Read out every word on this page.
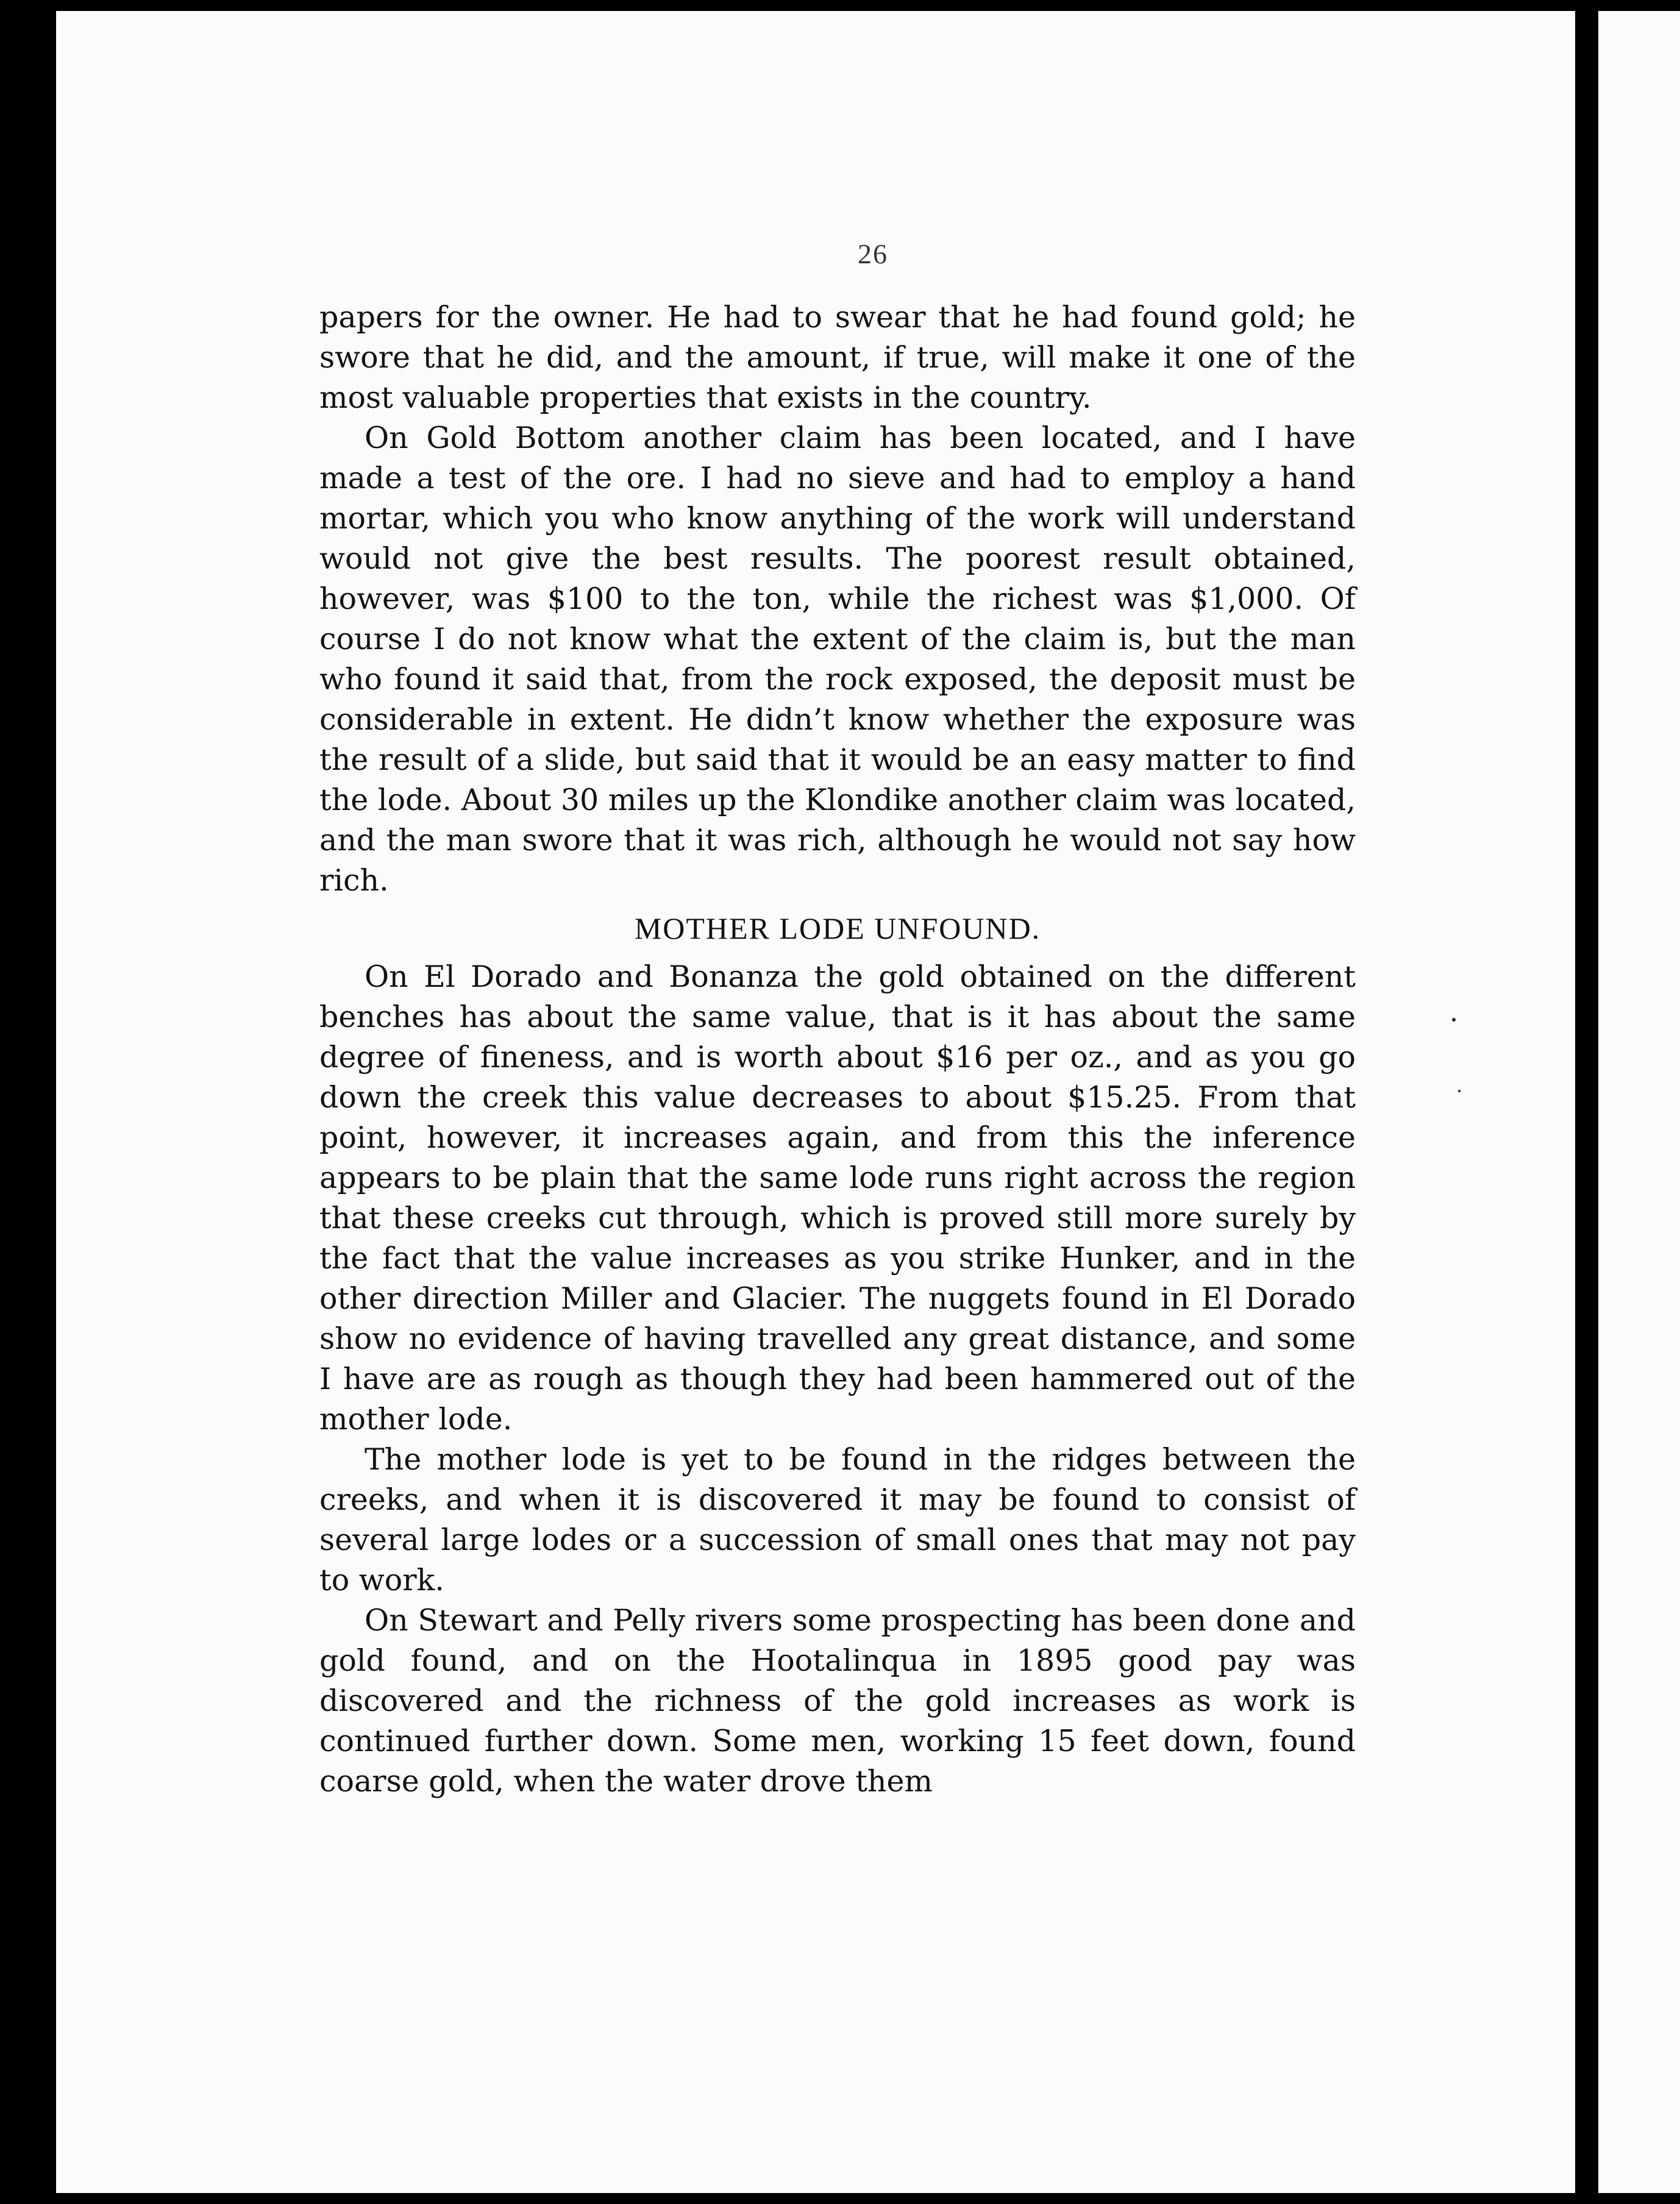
26

papers for the owner. He had to swear that he had found gold; he swore that he did, and the amount, if true, will make it one of the most valuable properties that exists in the country.

On Gold Bottom another claim has been located, and I have made a test of the ore. I had no sieve and had to employ a hand mortar, which you who know anything of the work will understand would not give the best results. The poorest result obtained, however, was $100 to the ton, while the richest was $1,000. Of course I do not know what the extent of the claim is, but the man who found it said that, from the rock exposed, the deposit must be considerable in extent. He didn’t know whether the exposure was the result of a slide, but said that it would be an easy matter to find the lode. About 30 miles up the Klondike another claim was located, and the man swore that it was rich, although he would not say how rich.

MOTHER LODE UNFOUND.

On El Dorado and Bonanza the gold obtained on the different benches has about the same value, that is it has about the same degree of fineness, and is worth about $16 per oz., and as you go down the creek this value decreases to about $15.25. From that point, however, it increases again, and from this the inference appears to be plain that the same lode runs right across the region that these creeks cut through, which is proved still more surely by the fact that the value increases as you strike Hunker, and in the other direction Miller and Glacier. The nuggets found in El Dorado show no evidence of having travelled any great distance, and some I have are as rough as though they had been hammered out of the mother lode.

The mother lode is yet to be found in the ridges between the creeks, and when it is discovered it may be found to consist of several large lodes or a succession of small ones that may not pay to work.

On Stewart and Pelly rivers some prospecting has been done and gold found, and on the Hootalinqua in 1895 good pay was discovered and the richness of the gold increases as work is continued further down. Some men, working 15 feet down, found coarse gold, when the water drove them
